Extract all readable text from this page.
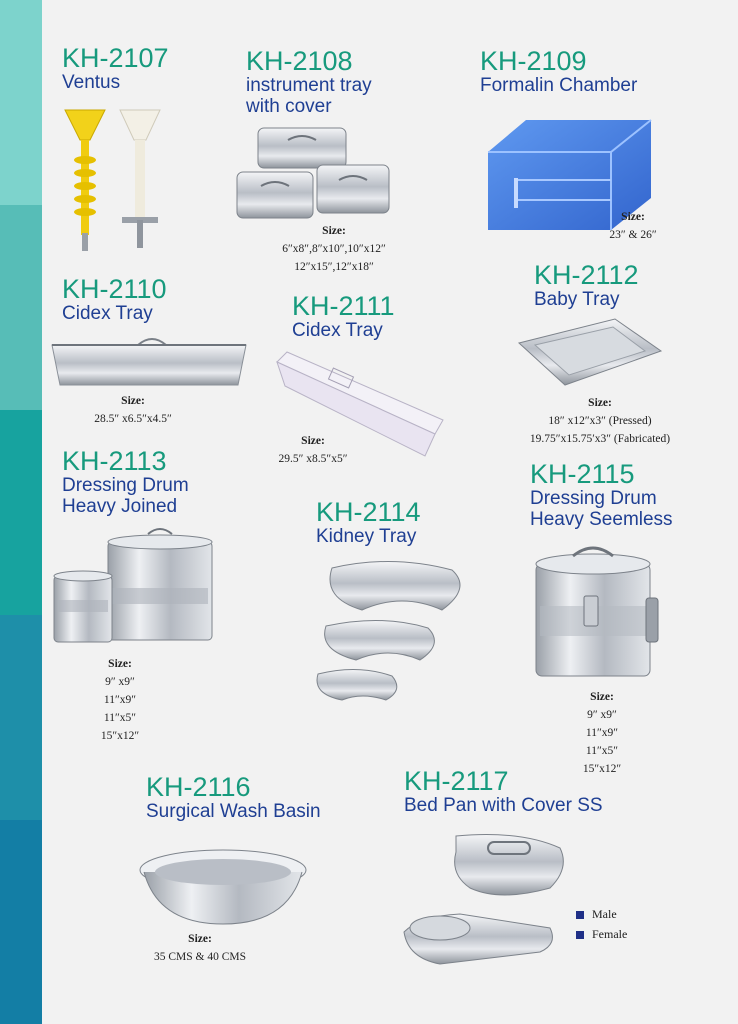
KH-2107
Ventus
KH-2108
instrument tray
with cover
Size:
6″x8″,8″x10″,10″x12″
12″x15″,12″x18″
KH-2109
Formalin Chamber
Size:
23″ & 26″
KH-2110
Cidex Tray
Size:
28.5″ x6.5″x4.5″
KH-2111
Cidex Tray
Size:
29.5″ x8.5″x5″
KH-2112
Baby Tray
Size:
18″ x12″x3″ (Pressed)
19.75″x15.75′x3″ (Fabricated)
KH-2113
Dressing Drum
Heavy Joined
Size:
9″ x9″
11″x9″
11″x5″
15″x12″
KH-2114
Kidney Tray
KH-2115
Dressing Drum
Heavy Seemless
Size:
9″ x9″
11″x9″
11″x5″
15″x12″
KH-2116
Surgical Wash Basin
Size:
35 CMS & 40 CMS
KH-2117
Bed Pan with Cover SS
Male
Female
